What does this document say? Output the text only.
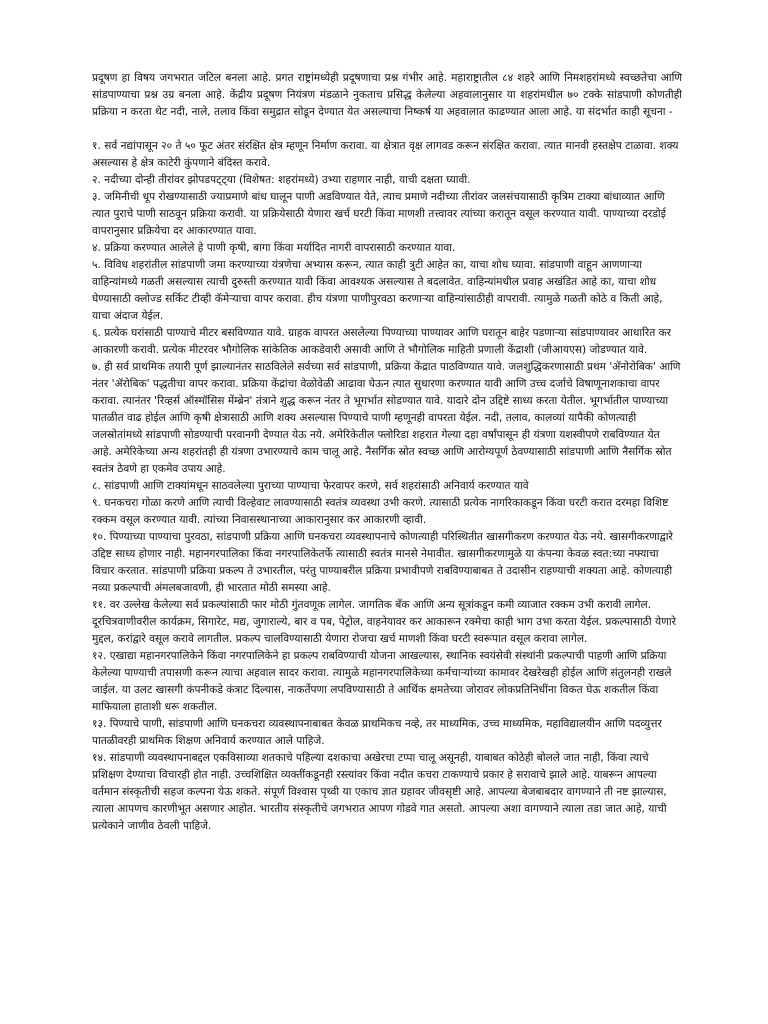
प्रदूषण हा विषय जगभरात जटिल बनला आहे. प्रगत राष्ट्रांमध्येही प्रदूषणाचा प्रश्न गंभीर आहे. महाराष्ट्रातील ८४ शहरे आणि निमशहरांमध्ये स्वच्छतेचा आणि सांडपाण्याचा प्रश्न उग्र बनला आहे. केंद्रीय प्रदूषण नियंत्रण मंडळाने नुकताच प्रसिद्ध केलेल्या अहवालानुसार या शहरांमधील ७० टक्के सांडपाणी कोणतीही प्रक्रिया न करता थेट नदी, नाले, तलाव किंवा समुद्रात सोडून देण्यात येत असल्याचा निष्कर्ष या अहवालात काढण्यात आला आहे. या संदर्भात काही सूचना -

१. सर्व नद्यांपासून २० ते ५० फूट अंतर संरक्षित क्षेत्र म्हणून निर्माण करावा. या क्षेत्रात वृक्ष लागवड करून संरक्षित करावा. त्यात मानवी हस्तक्षेप टाळावा. शक्य असल्यास हे क्षेत्र काटेरी कुंपणाने बंदिस्त करावे.
२. नदीच्या दोन्ही तीरांवर झोपडपट्ट्या (विशेषत: शहरांमध्ये) उभ्या राहणार नाही, याची दक्षता घ्यावी.
३. जमिनीची धूप रोखण्यासाठी ज्याप्रमाणे बांध घालून पाणी अडविण्यात येते, त्याच प्रमाणे नदीच्या तीरांवर जलसंचयासाठी कृत्रिम टाक्या बांधाव्यात आणि त्यात पुराचे पाणी साठवून प्रक्रिया करावी. या प्रक्रियेसाठी येणारा खर्च घरटी किंवा माणशी तत्त्वावर त्यांच्या करातून वसूल करण्यात यावी. पाण्याच्या दरडोई वापरानुसार प्रक्रियेचा दर आकारण्यात यावा.
४. प्रक्रिया करण्यात आलेले हे पाणी कृषी, बागा किंवा मर्यादित नागरी वापरासाठी करण्यात यावा.
५. विविध शहरांतील सांडपाणी जमा करण्याच्या यंत्रणेचा अभ्यास करून, त्यात काही त्रुटी आहेत का, याचा शोध घ्यावा. सांडपाणी वाहून आणणाऱ्या वाहिन्यांमध्ये गळती असल्यास त्याची दुरुस्ती करण्यात यावी किंवा आवश्यक असल्यास ते बदलावेत. वाहिन्यांमधील प्रवाह अखंडित आहे का, याचा शोध घेण्यासाठी क्लोज्ड सर्किट टीव्ही कॅमेऱ्याचा वापर करावा. हीच यंत्रणा पाणीपुरवठा करणाऱ्या वाहिन्यांसाठीही वापरावी. त्यामुळे गळती कोठे व किती आहे, याचा अंदाज येईल.
६. प्रत्येक घरांसाठी पाण्याचे मीटर बसविण्यात यावे. ग्राहक वापरत असलेल्या पिण्याच्या पाण्यावर आणि घरातून बाहेर पडणाऱ्या सांडपाण्यावर आधारित कर आकारणी करावी. प्रत्येक मीटरवर भौगोलिक सांकेतिक आकडेवारी असावी आणि ते भौगोलिक माहिती प्रणाली केंद्राशी (जीआयएस) जोडण्यात यावे.
७. ही सर्व प्राथमिक तयारी पूर्ण झाल्यानंतर साठविलेले सर्वच्या सर्व सांडपाणी, प्रक्रिया केंद्रात पाठविण्यात यावे. जलशुद्धिकरणासाठी प्रथम 'ॲनोरोबिक' आणि नंतर 'ॲरोबिक' पद्धतीचा वापर करावा. प्रक्रिया केंद्रांचा वेळोवेळी आढावा घेऊन त्यात सुधारणा करण्यात यावी आणि उच्च दर्जाचे विषाणूनाशकाचा वापर करावा. त्यानंतर 'रिव्हर्स ऑस्मॉसिस मेंम्ब्रेन' तंत्राने शुद्ध करून नंतर ते भूगर्भात सोडण्यात यावे. यादारे दोन उद्दिष्टे साध्य करता येतील. भूगर्भातील पाण्याच्या पातळीत वाढ होईल आणि कृषी क्षेत्रासाठी आणि शक्य असल्यास पिण्याचे पाणी म्हणूनही वापरता येईल. नदी, तलाव, कालव्यां यापैकी कोणत्याही जलस्रोतांमध्ये सांडपाणी सोडण्याची परवानगी देण्यात येऊ नये. अमेरिकेतील फ्लोरिडा शहरात गेल्या दहा वर्षांपासून ही यंत्रणा यशस्वीपणे राबविण्यात येत आहे. अमेरिकेच्या अन्य शहरांतही ही यंत्रणा उभारण्याचे काम चालू आहे. नैसर्गिक स्रोत स्वच्छ आणि आरोग्यपूर्ण ठेवण्यासाठी सांडपाणी आणि नैसर्गिक स्रोत स्वतंत्र ठेवणे हा एकमेव उपाय आहे.
८. सांडपाणी आणि टाक्यांमधून साठवलेल्या पुराच्या पाण्याचा फेरवापर करणे, सर्व शहरांसाठी अनिवार्य करण्यात यावे
९. घनकचरा गोळा करणे आणि त्याची विल्हेवाट लावण्यासाठी स्वतंत्र व्यवस्था उभी करणे. त्यासाठी प्रत्येक नागरिकाकडून किंवा घरटी करात दरमहा विशिष्ट रक्कम वसूल करण्यात यावी. त्यांच्या निवासस्थानाच्या आकारानुसार कर आकारणी व्हावी.
१०. पिण्याच्या पाण्याचा पुरवठा, सांडपाणी प्रक्रिया आणि घनकचरा व्यवस्थापनाचे कोणत्याही परिस्थितीत खासगीकरण करण्यात येऊ नये. खासगीकरणाद्वारे उद्दिष्ट साध्य होणार नाही. महानगरपालिका किंवा नगरपालिकेतर्फे त्यासाठी स्वतंत्र मानसे नेमावीत. खासगीकरणामुळे या कंपन्या केवळ स्वत:च्या नफ्याचा विचार करतात. सांडपाणी प्रक्रिया प्रकल्प ते उभारतील, परंतु पाण्याबरील प्रक्रिया प्रभावीपणे राबविण्याबाबत ते उदासीन राहण्याची शक्यता आहे. कोणत्याही नव्या प्रकल्पाची अंमलबजावणी, ही भारतात मोठी समस्या आहे.
११. वर उल्लेख केलेल्या सर्व प्रकल्पांसाठी फार मोठी गुंतवणूक लागेल. जागतिक बँक आणि अन्य सूत्रांकडून कमी व्याजात रक्कम उभी करावी लागेल. दूरचित्रवाणीवरील कार्यक्रम, सिगारेट, मद्य, जुगाराल्ये, बार व पब, पेट्रोल, वाहनेयावर कर आकारून रक्मेचा काही भाग उभा करता येईल. प्रकल्पासाठी येणारे मुद्दल, करांद्वारे वसूल करावे लागतील. प्रकल्प चालविण्यासाठी येणारा रोजचा खर्च माणशी किंवा घरटी स्वरूपात वसूल करावा लागेल.
१२. एखाद्या महानगरपालिकेने किंवा नगरपालिकेने हा प्रकल्प राबविण्याची योजना आखल्यास, स्थानिक स्वयंसेवी संस्थांनी प्रकल्पाची पाहणी आणि प्रक्रिया केलेल्या पाण्याची तपासणी करून त्याचा अहवाल सादर करावा. त्यामुळे महानगरपालिकेच्या कर्मचाऱ्यांच्या कामावर देखरेखही होईल आणि संतुलनही राखले जाईल. या उलट खासगी कंपनीकडे कंत्राट दिल्यास, नाकर्तेपणा लपविण्यासाठी ते आर्थिक क्षमतेच्या जोरावर लोकप्रतिनिधींना विकत घेऊ शकतील किंवा माफियाला हाताशी धरू शकतील.
१३. पिण्याचे पाणी, सांडपाणी आणि घनकचरा व्यवस्थापनाबाबत केवळ प्राथमिकच नव्हे, तर माध्यमिक, उच्च माध्यमिक, महाविद्यालयीन आणि पदव्युत्तर पातळीवरही प्राथमिक शिक्षण अनिवार्य करण्यात आले पाहिजे.
१४. सांडपाणी व्यवस्थापनाबद्दल एकविसाव्या शतकाचे पहिल्या दशकाचा अखेरचा टप्पा चालू असूनही, याबाबत कोठेही बोलले जात नाही, किंवा त्याचे प्रशिक्षण देण्याचा विचारही होत नाही. उच्चशिक्षित व्यक्तींकडूनही रस्त्यांवर किंवा नदीत कचरा टाकण्याचे प्रकार हे सरावाचे झाले आहे. याबरून आपल्या वर्तमान संस्कृतीची सहज कल्पना येऊ शकते. संपूर्ण विश्वास पृथ्वी या एकाच ज्ञात ग्रहावर जीवसृष्टी आहे. आपल्या बेजबाबदार वागण्याने ती नष्ट झाल्यास, त्याला आपणच कारणीभूत असणार आहोत. भारतीय संस्कृतीचे जगभरात आपण गोडवे गात असतो. आपल्या अशा वागण्याने त्याला तडा जात आहे, याची प्रत्येकाने जाणीव ठेवली पाहिजे.
